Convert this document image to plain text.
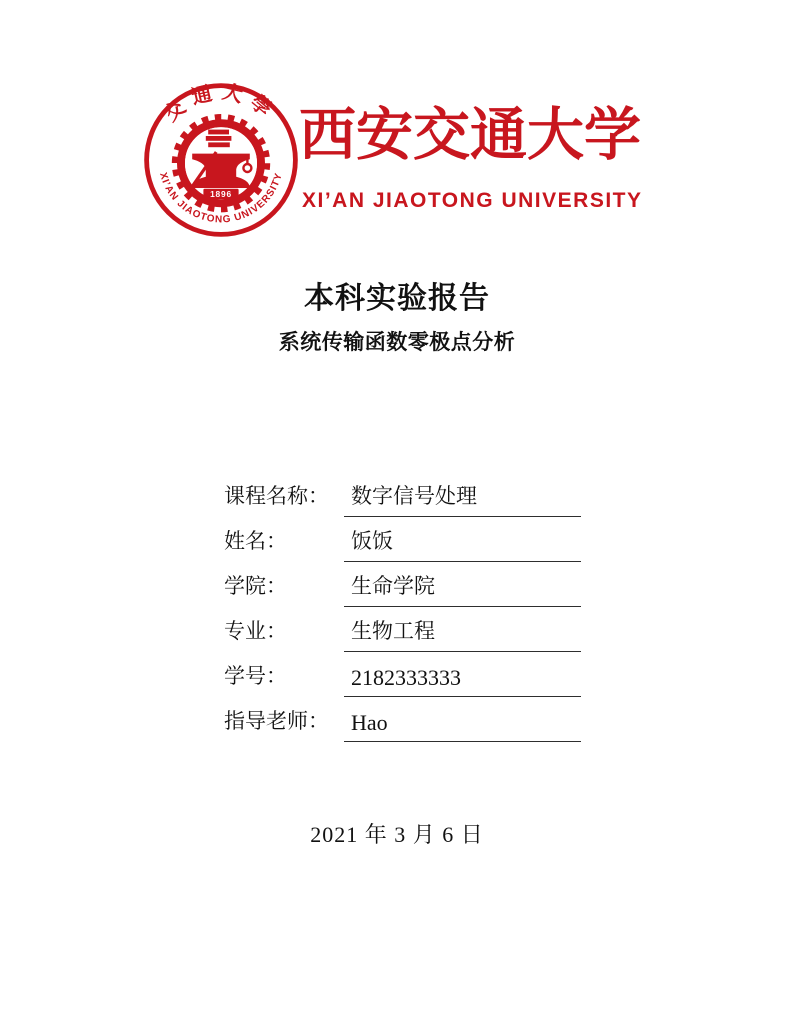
交通大學
XI’AN JIAOTONG UNIVERSITY
1896
西安交通大学
XI’AN JIAOTONG UNIVERSITY
本科实验报告
系统传输函数零极点分析
课程名称：	数字信号处理
姓名：	饭饭
学院：	生命学院
专业：	生物工程
学号：	2182333333
指导老师：	Hao
2021 年 3 月 6 日
